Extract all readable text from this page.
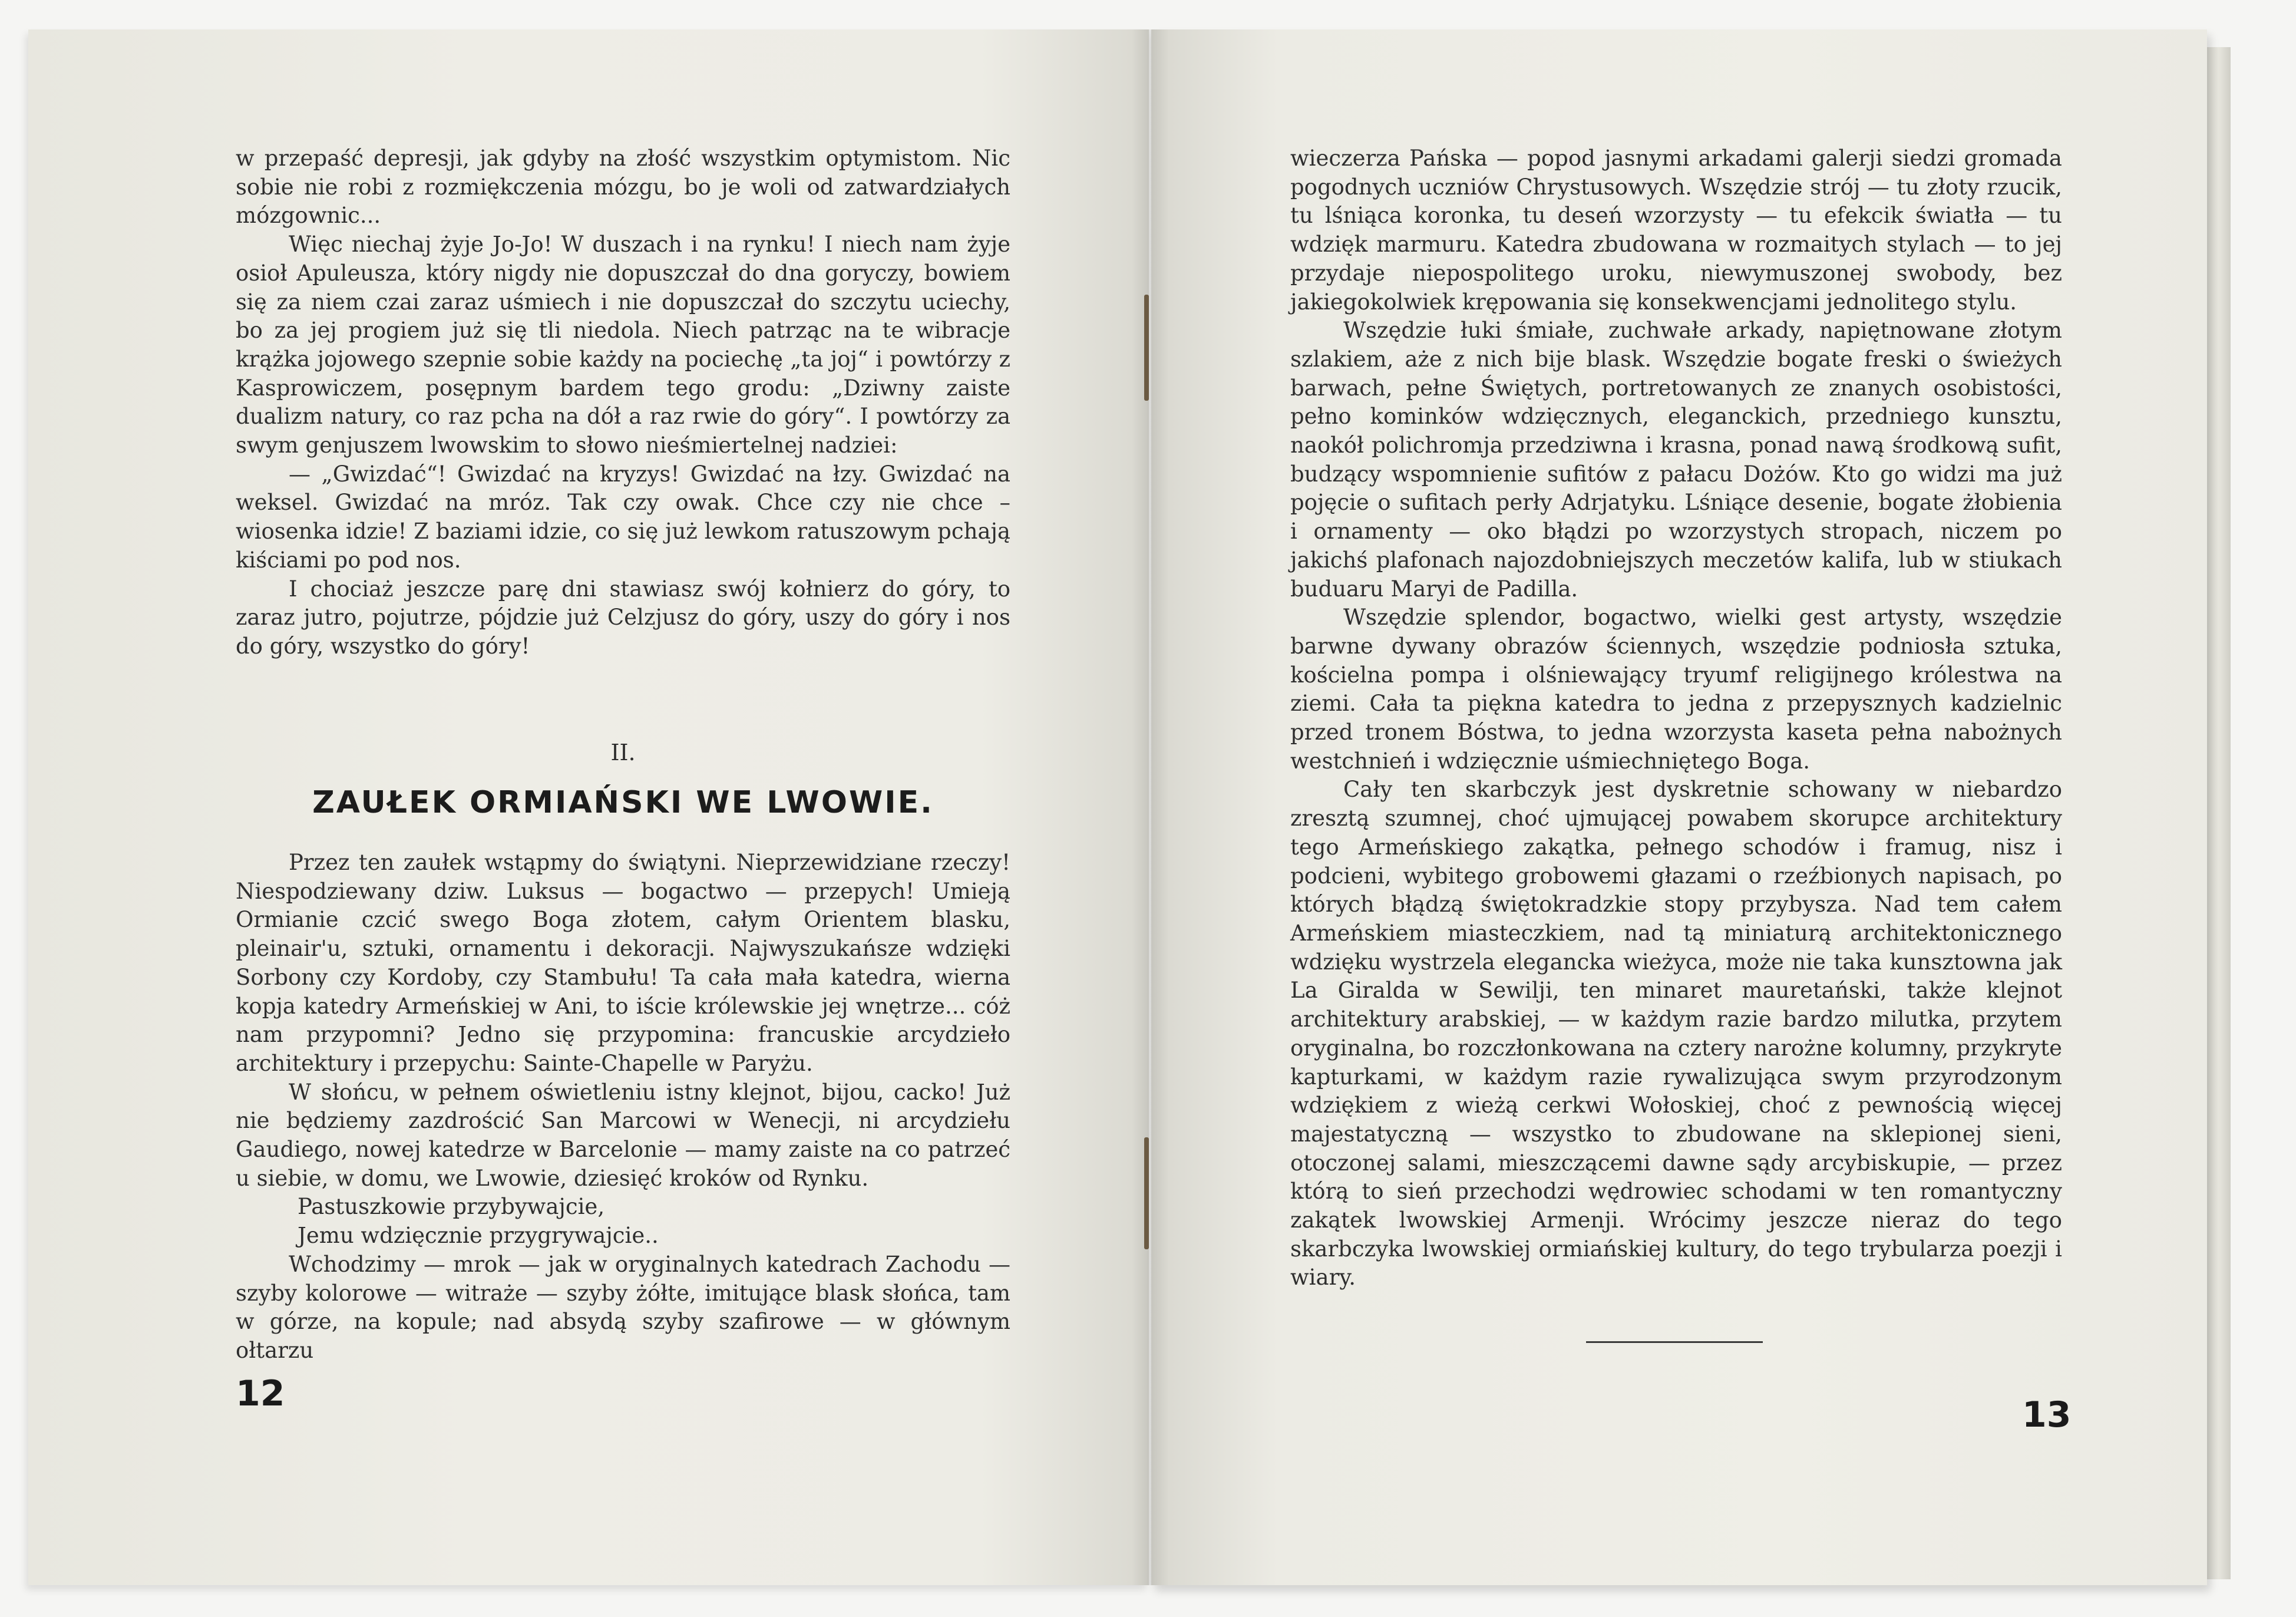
w przepaść depresji, jak gdyby na złość wszystkim optymistom. Nic sobie nie robi z rozmiękczenia mózgu, bo je woli od zatwardziałych mózgownic...

Więc niechaj żyje Jo-Jo! W duszach i na rynku! I niech nam żyje osioł Apuleusza, który nigdy nie dopuszczał do dna goryczy, bowiem się za niem czai zaraz uśmiech i nie dopuszczał do szczytu uciechy, bo za jej progiem już się tli niedola. Niech patrząc na te wibracje krążka jojowego szepnie sobie każdy na pociechę „ta joj“ i powtórzy z Kasprowiczem, posępnym bardem tego grodu: „Dziwny zaiste dualizm natury, co raz pcha na dół a raz rwie do góry“. I powtórzy za swym genjuszem lwowskim to słowo nieśmiertelnej nadziei:

— „Gwizdać“! Gwizdać na kryzys! Gwizdać na łzy. Gwizdać na weksel. Gwizdać na mróz. Tak czy owak. Chce czy nie chce – wiosenka idzie! Z baziami idzie, co się już lewkom ratuszowym pchają kiściami po pod nos.

I chociaż jeszcze parę dni stawiasz swój kołnierz do góry, to zaraz jutro, pojutrze, pójdzie już Celzjusz do góry, uszy do góry i nos do góry, wszystko do góry!

II.
ZAUŁEK ORMIAŃSKI WE LWOWIE.

Przez ten zaułek wstąpmy do świątyni. Nieprzewidziane rzeczy! Niespodziewany dziw. Luksus — bogactwo — przepych! Umieją Ormianie czcić swego Boga złotem, całym Orientem blasku, pleinair'u, sztuki, ornamentu i dekoracji. Najwyszukańsze wdzięki Sorbony czy Kordoby, czy Stambułu! Ta cała mała katedra, wierna kopja katedry Armeńskiej w Ani, to iście królewskie jej wnętrze... cóż nam przypomni? Jedno się przypomina: francuskie arcydzieło architektury i przepychu: Sainte-Chapelle w Paryżu.

W słońcu, w pełnem oświetleniu istny klejnot, bijou, cacko! Już nie będziemy zazdrościć San Marcowi w Wenecji, ni arcydziełu Gaudiego, nowej katedrze w Barcelonie — mamy zaiste na co patrzeć u siebie, w domu, we Lwowie, dziesięć kroków od Rynku.

Pastuszkowie przybywajcie,

Jemu wdzięcznie przygrywajcie..

Wchodzimy — mrok — jak w oryginalnych katedrach Zachodu — szyby kolorowe — witraże — szyby żółte, imitujące blask słońca, tam w górze, na kopule; nad absydą szyby szafirowe — w głównym ołtarzu

12

wieczerza Pańska — popod jasnymi arkadami galerji siedzi gromada pogodnych uczniów Chrystusowych. Wszędzie strój — tu złoty rzucik, tu lśniąca koronka, tu deseń wzorzysty — tu efekcik światła — tu wdzięk marmuru. Katedra zbudowana w rozmaitych stylach — to jej przydaje niepospolitego uroku, niewymuszonej swobody, bez jakiegokolwiek krępowania się konsekwencjami jednolitego stylu.

Wszędzie łuki śmiałe, zuchwałe arkady, napiętnowane złotym szlakiem, aże z nich bije blask. Wszędzie bogate freski o świeżych barwach, pełne Świętych, portretowanych ze znanych osobistości, pełno kominków wdzięcznych, eleganckich, przedniego kunsztu, naokół polichromja przedziwna i krasna, ponad nawą środkową sufit, budzący wspomnienie sufitów z pałacu Dożów. Kto go widzi ma już pojęcie o sufitach perły Adrjatyku. Lśniące desenie, bogate żłobienia i ornamenty — oko błądzi po wzorzystych stropach, niczem po jakichś plafonach najozdobniejszych meczetów kalifa, lub w stiukach buduaru Maryi de Padilla.

Wszędzie splendor, bogactwo, wielki gest artysty, wszędzie barwne dywany obrazów ściennych, wszędzie podniosła sztuka, kościelna pompa i olśniewający tryumf religijnego królestwa na ziemi. Cała ta piękna katedra to jedna z przepysznych kadzielnic przed tronem Bóstwa, to jedna wzorzysta kaseta pełna nabożnych westchnień i wdzięcznie uśmiechniętego Boga.

Cały ten skarbczyk jest dyskretnie schowany w niebardzo zresztą szumnej, choć ujmującej powabem skorupce architektury tego Armeńskiego zakątka, pełnego schodów i framug, nisz i podcieni, wybitego grobowemi głazami o rzeźbionych napisach, po których błądzą świętokradzkie stopy przybysza. Nad tem całem Armeńskiem miasteczkiem, nad tą miniaturą architektonicznego wdzięku wystrzela elegancka wieżyca, może nie taka kunsztowna jak La Giralda w Sewilji, ten minaret mauretański, także klejnot architektury arabskiej, — w każdym razie bardzo milutka, przytem oryginalna, bo rozczłonkowana na cztery narożne kolumny, przykryte kapturkami, w każdym razie rywalizująca swym przyrodzonym wdziękiem z wieżą cerkwi Wołoskiej, choć z pewnością więcej majestatyczną — wszystko to zbudowane na sklepionej sieni, otoczonej salami, mieszczącemi dawne sądy arcybiskupie, — przez którą to sień przechodzi wędrowiec schodami w ten romantyczny zakątek lwowskiej Armenji. Wrócimy jeszcze nieraz do tego skarbczyka lwowskiej ormiańskiej kultury, do tego trybularza poezji i wiary.

13
